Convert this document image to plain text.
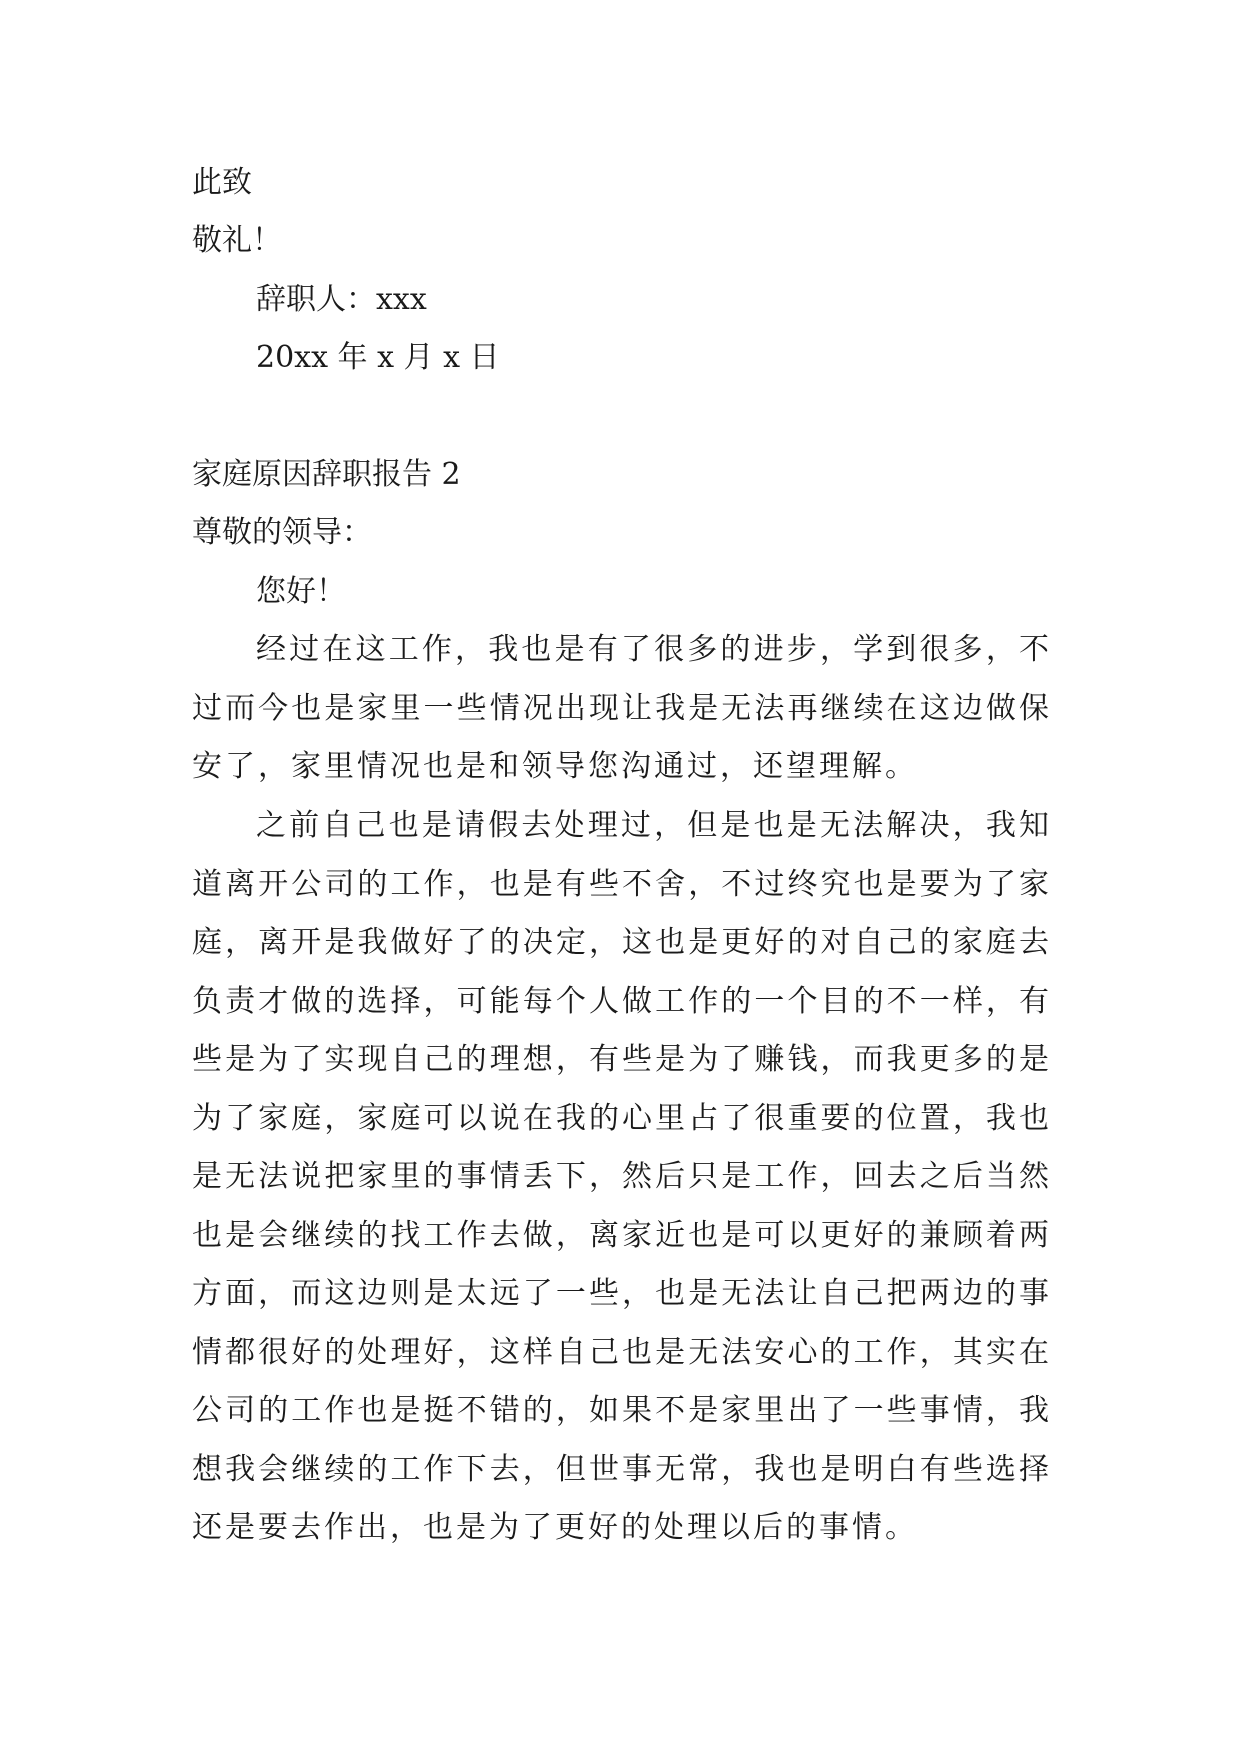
此致
敬礼！
辞职人：xxx
20xx 年 x 月 x 日
家庭原因辞职报告 2
尊敬的领导：
您好！

经过在这工作，我也是有了很多的进步，学到很多，不过而今也是家里一些情况出现让我是无法再继续在这边做保安了，家里情况也是和领导您沟通过，还望理解。

之前自己也是请假去处理过，但是也是无法解决，我知道离开公司的工作，也是有些不舍，不过终究也是要为了家庭，离开是我做好了的决定，这也是更好的对自己的家庭去负责才做的选择，可能每个人做工作的一个目的不一样，有些是为了实现自己的理想，有些是为了赚钱，而我更多的是为了家庭，家庭可以说在我的心里占了很重要的位置，我也是无法说把家里的事情丢下，然后只是工作，回去之后当然也是会继续的找工作去做，离家近也是可以更好的兼顾着两方面，而这边则是太远了一些，也是无法让自己把两边的事情都很好的处理好，这样自己也是无法安心的工作，其实在公司的工作也是挺不错的，如果不是家里出了一些事情，我想我会继续的工作下去，但世事无常，我也是明白有些选择还是要去作出，也是为了更好的处理以后的事情。
